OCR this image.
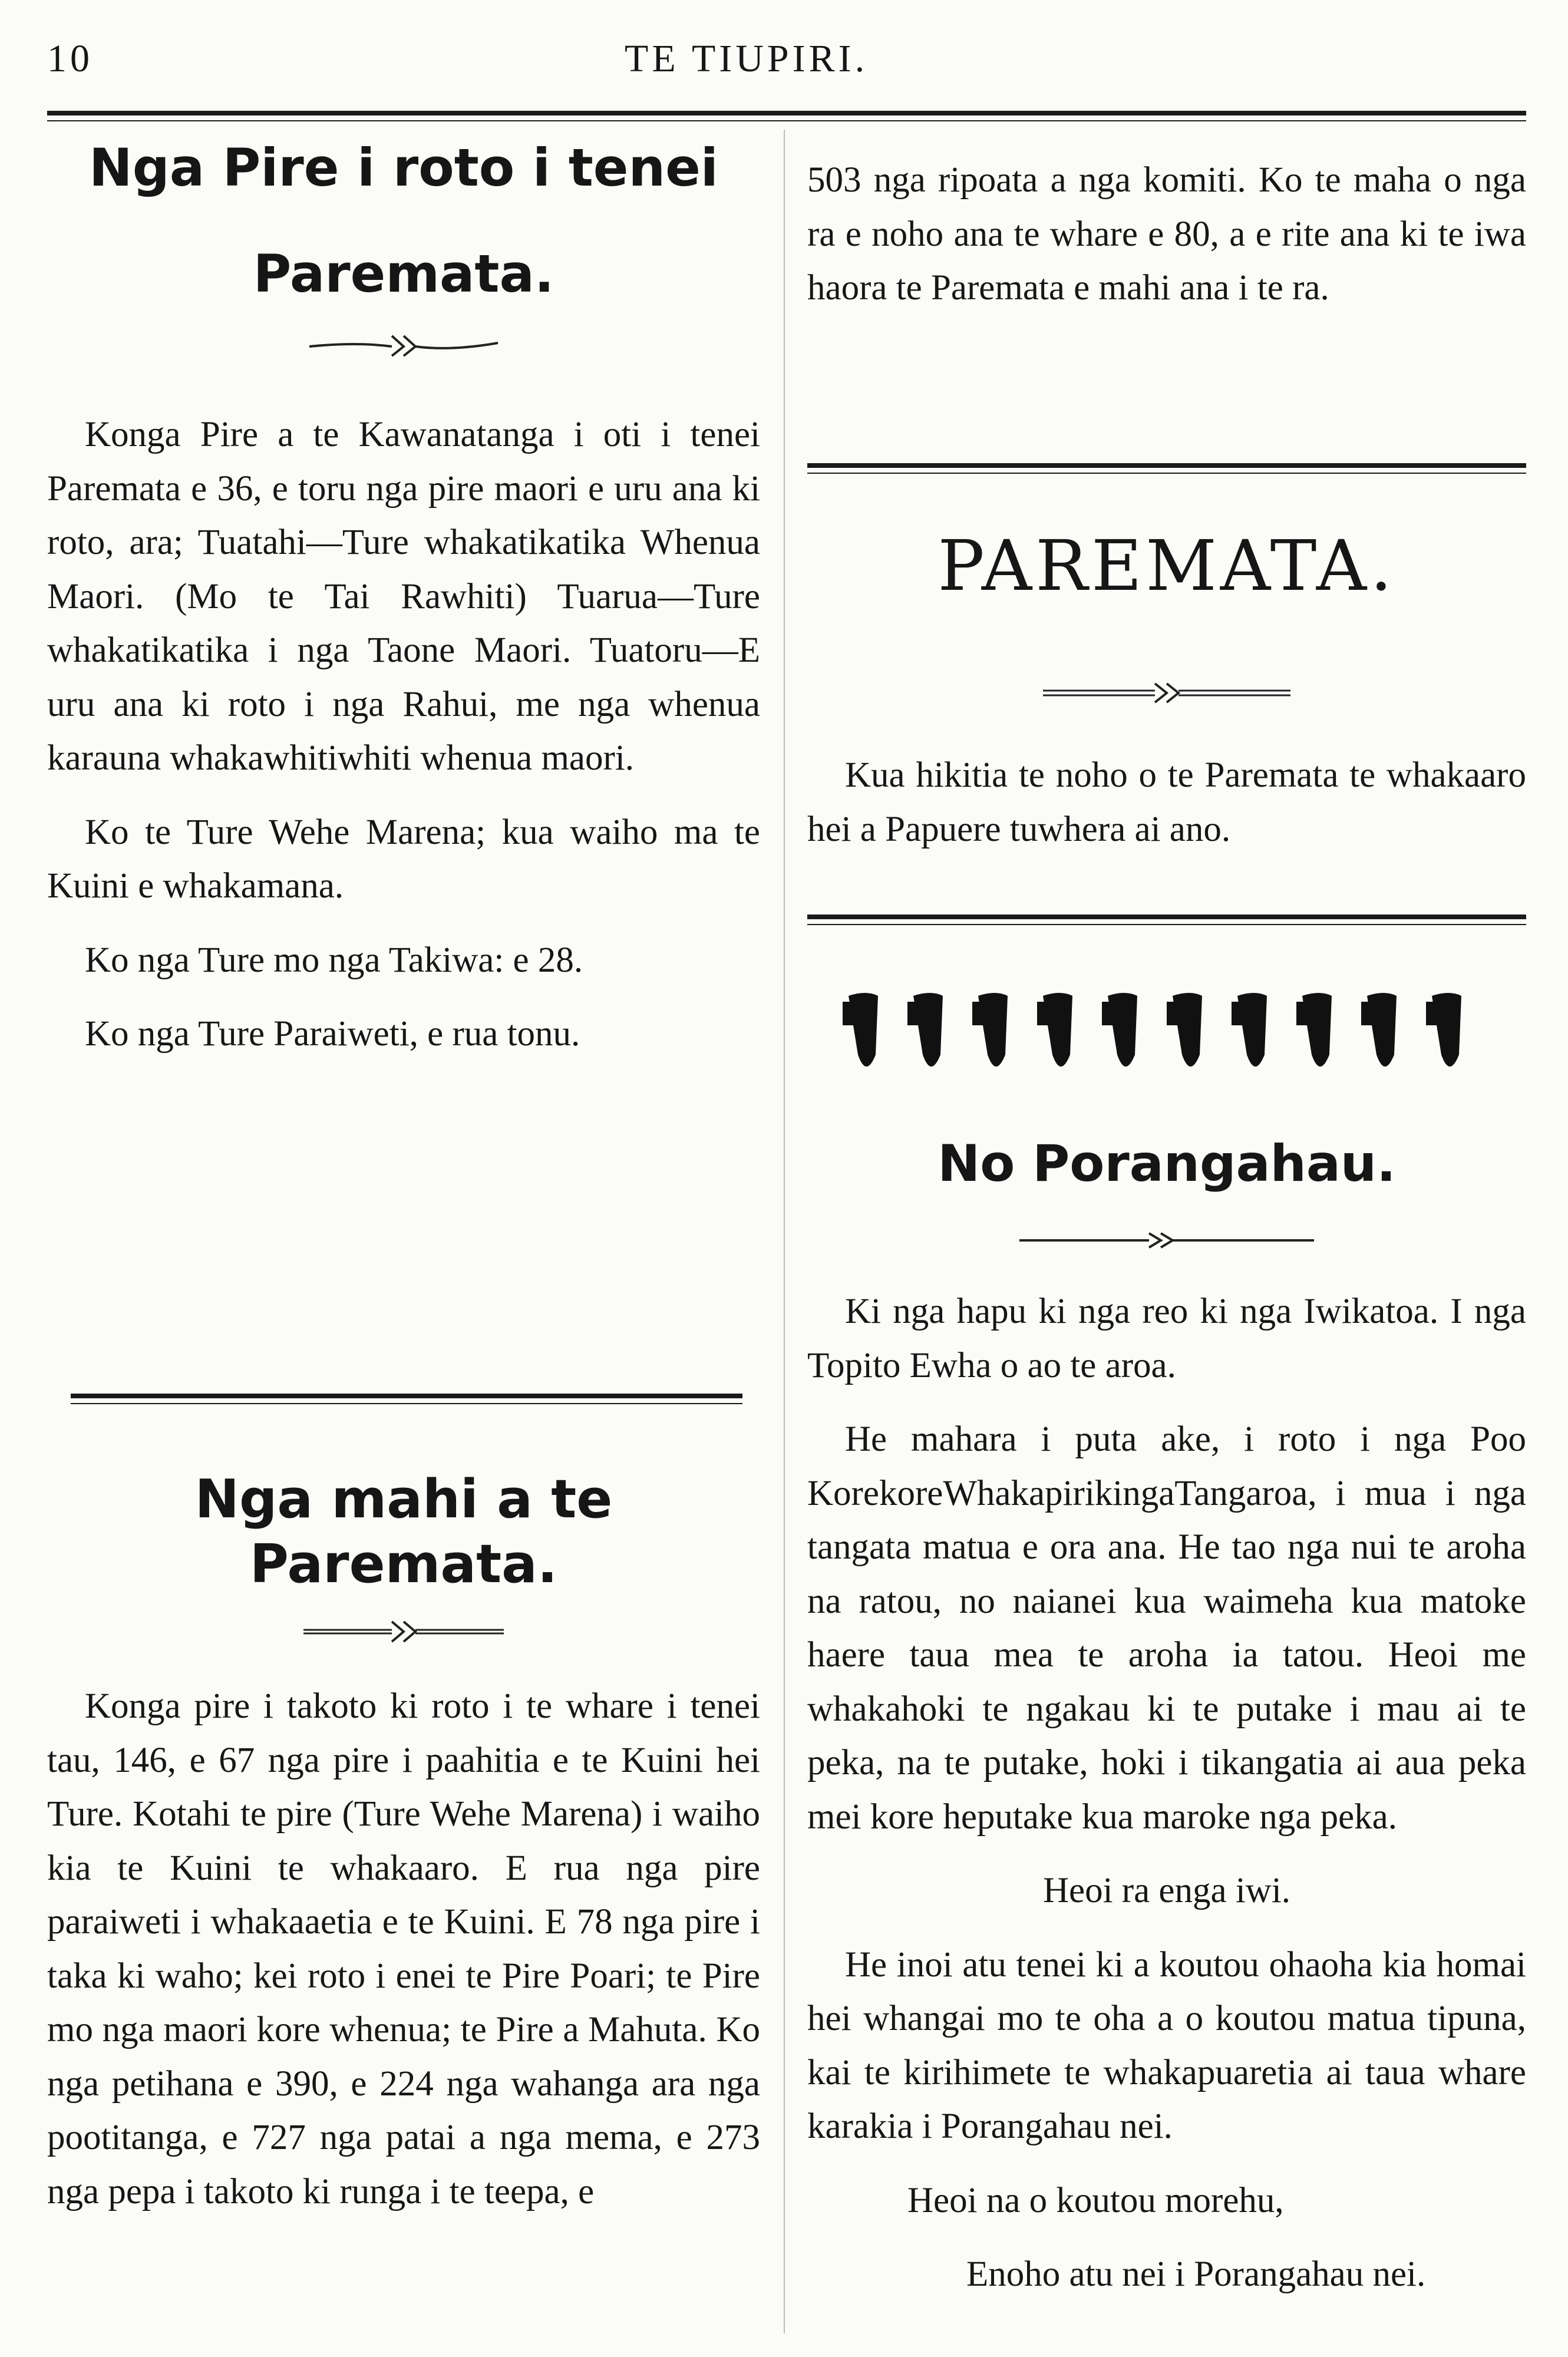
10	TE TIUPIRI.
Nga Pire i roto i tenei
Paremata.

Konga Pire a te Kawanatanga i oti i tenei Paremata e 36, e toru nga pire maori e uru ana ki roto, ara; Tuatahi—Ture whakatikatika Whenua Maori. (Mo te Tai Rawhiti) Tuarua—Ture whakatikatika i nga Taone Maori. Tuatoru—E uru ana ki roto i nga Rahui, me nga whenua karauna whakawhitiwhiti whenua maori.

Ko te Ture Wehe Marena; kua waiho ma te Kuini e whakamana.

Ko nga Ture mo nga Takiwa: e 28.

Ko nga Ture Paraiweti, e rua tonu.

Nga mahi a te Paremata.

Konga pire i takoto ki roto i te whare i tenei tau, 146, e 67 nga pire i paahitia e te Kuini hei Ture. Kotahi te pire (Ture Wehe Marena) i waiho kia te Kuini te whakaaro. E rua nga pire paraiweti i whakaaetia e te Kuini. E 78 nga pire i taka ki waho; kei roto i enei te Pire Poari; te Pire mo nga maori kore whenua; te Pire a Mahuta. Ko nga petihana e 390, e 224 nga wahanga ara nga pootitanga, e 727 nga patai a nga mema, e 273 nga pepa i takoto ki runga i te teepa, e

503 nga ripoata a nga komiti. Ko te maha o nga ra e noho ana te whare e 80, a e rite ana ki te iwa haora te Paremata e mahi ana i te ra.
PAREMATA.
Kua hikitia te noho o te Paremata te whakaaro hei a Papuere tuwhera ai ano.
No Porangahau.

Ki nga hapu ki nga reo ki nga Iwikatoa. I nga Topito Ewha o ao te aroa.

He mahara i puta ake, i roto i nga Poo KorekoreWhakapirikingaTangaroa, i mua i nga tangata matua e ora ana. He tao nga nui te aroha na ratou, no naianei kua waimeha kua matoke haere taua mea te aroha ia tatou. Heoi me whakahoki te ngakau ki te putake i mau ai te peka, na te putake, hoki i tikangatia ai aua peka mei kore heputake kua maroke nga peka.

Heoi ra enga iwi.

He inoi atu tenei ki a koutou ohaoha kia homai hei whangai mo te oha a o koutou matua tipuna, kai te kirihimete te whakapuaretia ai taua whare karakia i Porangahau nei.

Heoi na o koutou morehu,

Enoho atu nei i Porangahau nei.
